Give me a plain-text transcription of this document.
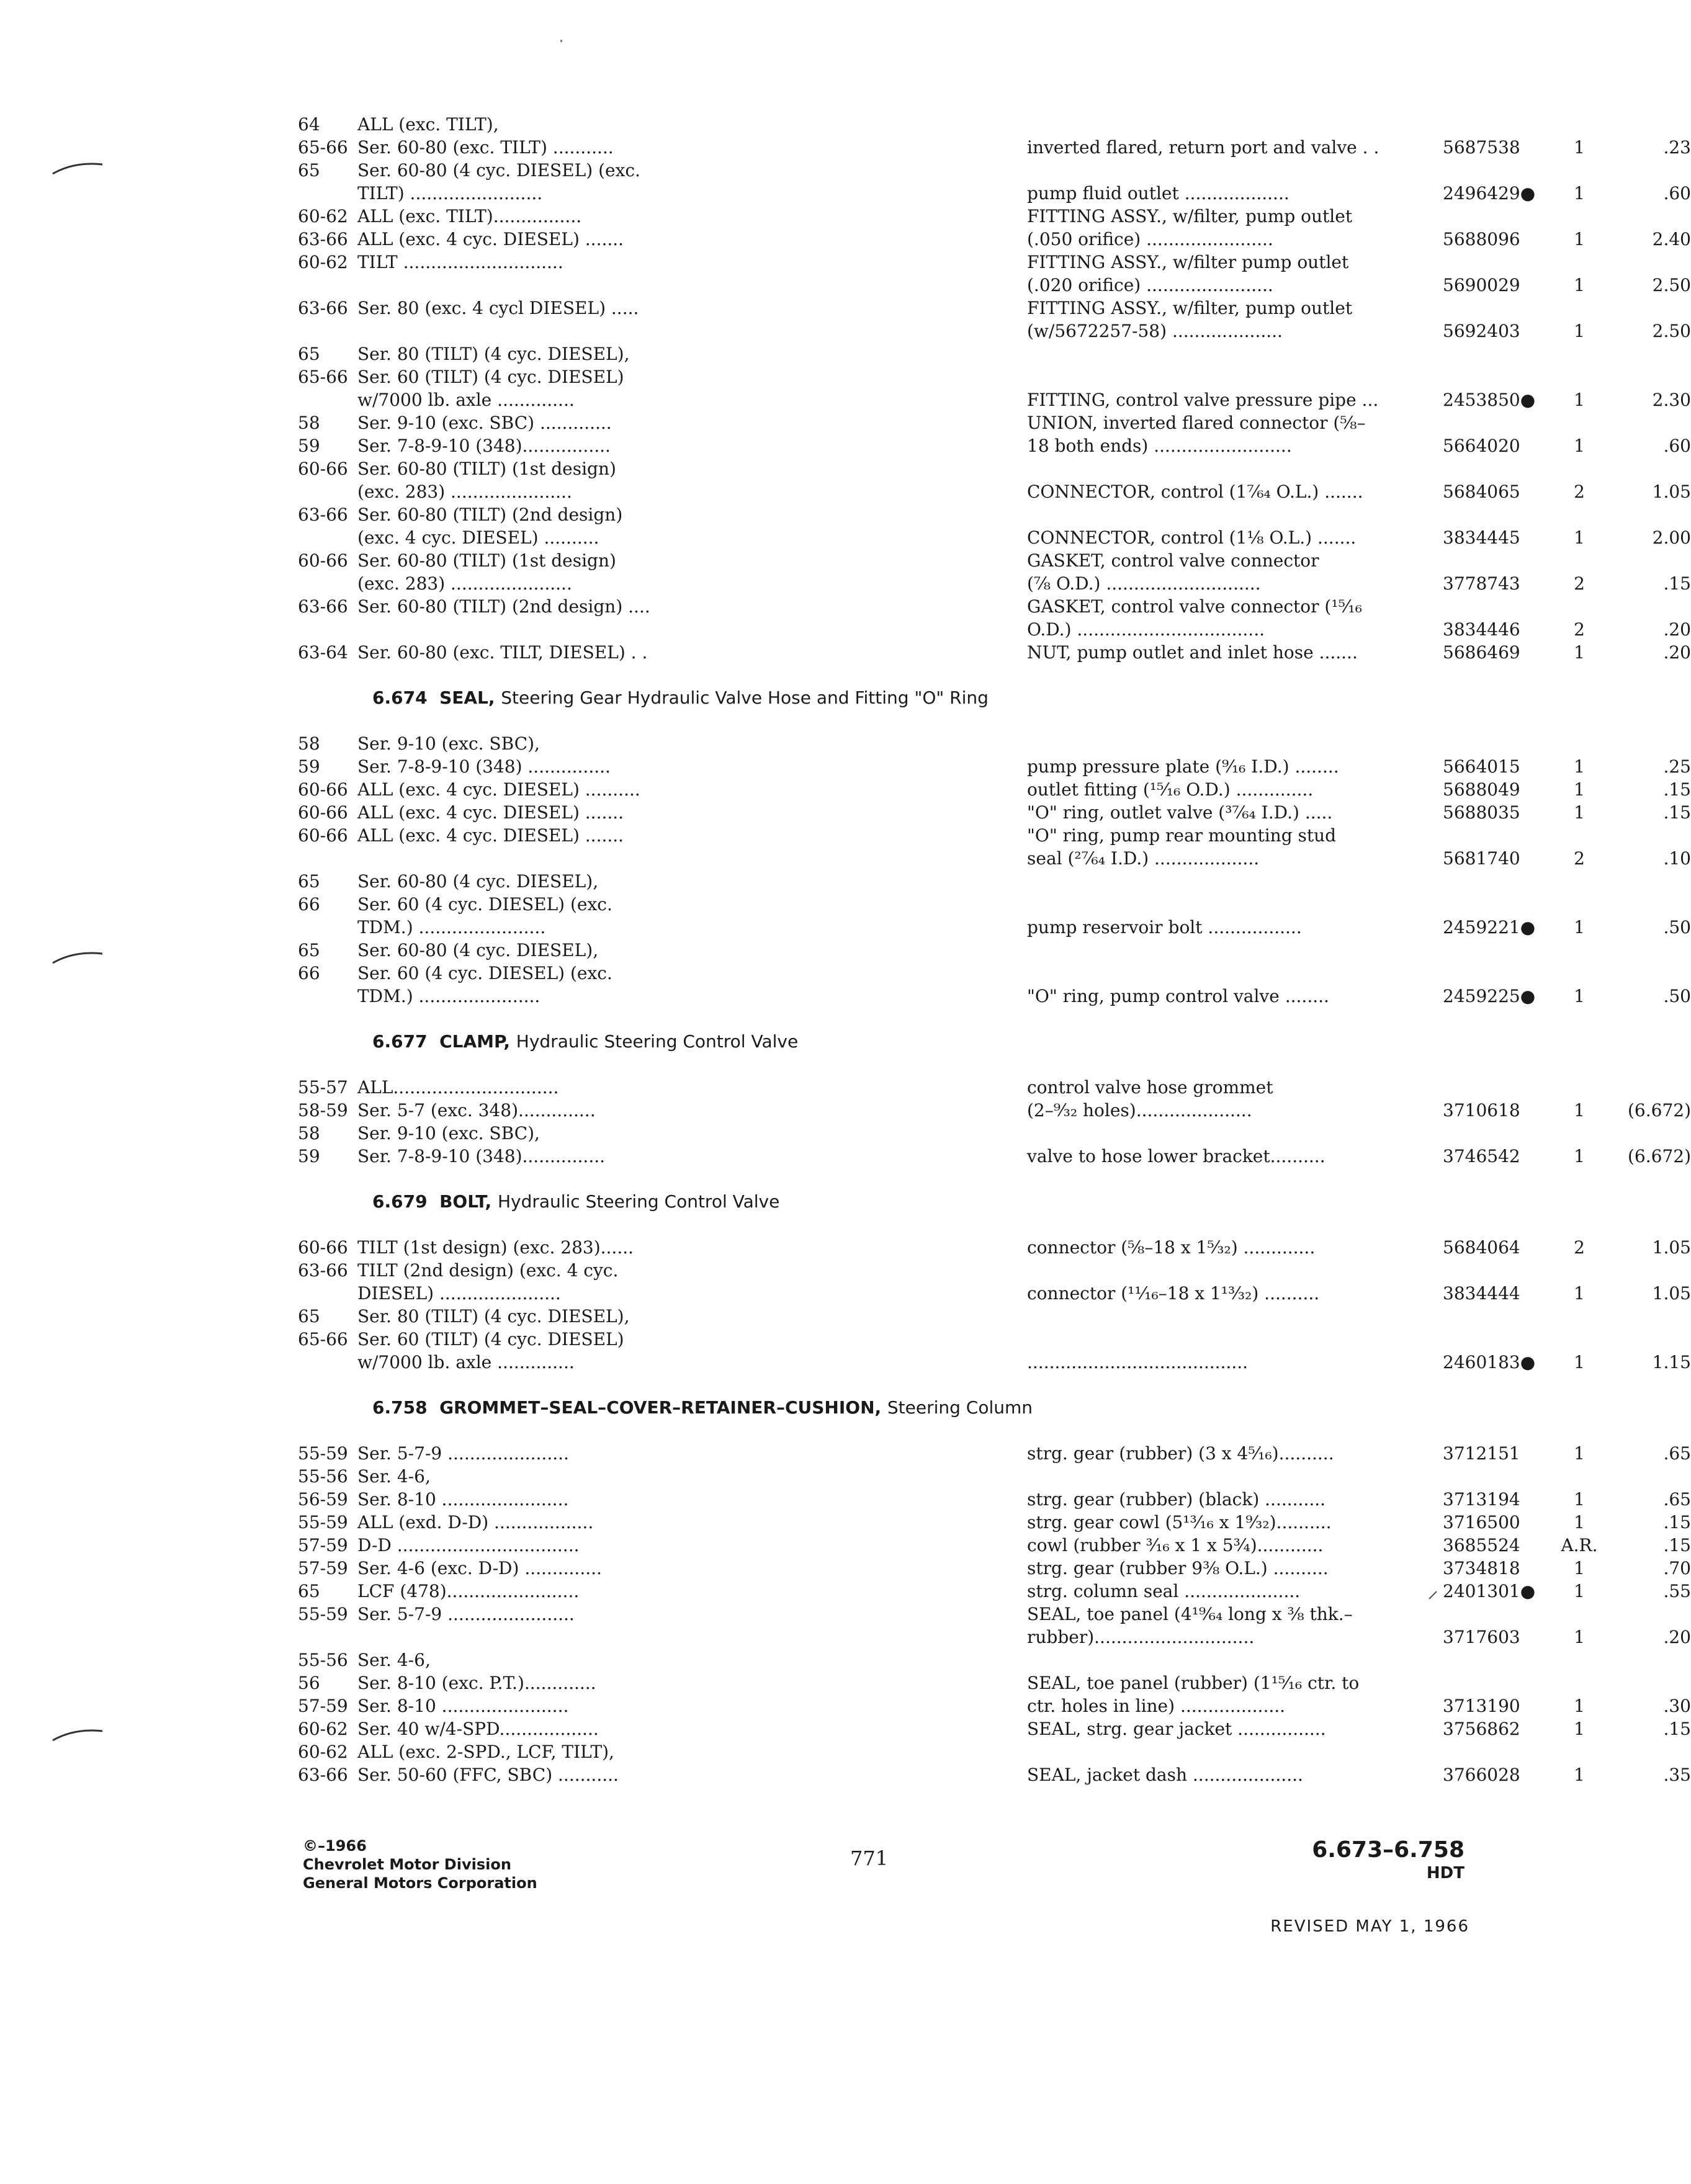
64	ALL (exc. TILT),
65-66 Ser. 60-80 (exc. TILT) ...........	inverted flared, return port and valve . .	5687538	1	.23
65	Ser. 60-80 (4 cyc. DIESEL) (exc.
TILT) ........................	pump fluid outlet ...................	2496429●	1	.60
60-62 ALL (exc. TILT)................	FITTING ASSY., w/filter, pump outlet
63-66 ALL (exc. 4 cyc. DIESEL) .......	(.050 orifice) .......................	5688096	1	2.40
60-62 TILT .............................	FITTING ASSY., w/filter pump outlet
(.020 orifice) .......................	5690029	1	2.50
63-66 Ser. 80 (exc. 4 cycl DIESEL) .....	FITTING ASSY., w/filter, pump outlet
(w/5672257-58) ....................	5692403	1	2.50
65	Ser. 80 (TILT) (4 cyc. DIESEL),
65-66 Ser. 60 (TILT) (4 cyc. DIESEL)
w/7000 lb. axle ..............	FITTING, control valve pressure pipe ...	2453850●	1	2.30
58	Ser. 9-10 (exc. SBC) .............	UNION, inverted flared connector (⅝–
59	Ser. 7-8-9-10 (348)................	18 both ends) .........................	5664020	1	.60
60-66 Ser. 60-80 (TILT) (1st design)
(exc. 283) ......................	CONNECTOR, control (1⁷⁄₆₄ O.L.) .......	5684065	2	1.05
63-66 Ser. 60-80 (TILT) (2nd design)
(exc. 4 cyc. DIESEL) ..........	CONNECTOR, control (1⅛ O.L.) .......	3834445	1	2.00
60-66 Ser. 60-80 (TILT) (1st design)	GASKET, control valve connector
(exc. 283) ......................	(⅞ O.D.) ............................	3778743	2	.15
63-66 Ser. 60-80 (TILT) (2nd design) ....	GASKET, control valve connector (¹⁵⁄₁₆
O.D.) ..................................	3834446	2	.20
63-64 Ser. 60-80 (exc. TILT, DIESEL) . .	NUT, pump outlet and inlet hose .......	5686469	1	.20
6.674 SEAL, Steering Gear Hydraulic Valve Hose and Fitting "O" Ring
58	Ser. 9-10 (exc. SBC),
59	Ser. 7-8-9-10 (348) ...............	pump pressure plate (⁹⁄₁₆ I.D.) ........	5664015	1	.25
60-66 ALL (exc. 4 cyc. DIESEL) ..........	outlet fitting (¹⁵⁄₁₆ O.D.) ..............	5688049	1	.15
60-66 ALL (exc. 4 cyc. DIESEL) .......	"O" ring, outlet valve (³⁷⁄₆₄ I.D.) .....	5688035	1	.15
60-66 ALL (exc. 4 cyc. DIESEL) .......	"O" ring, pump rear mounting stud
seal (²⁷⁄₆₄ I.D.) ...................	5681740	2	.10
65	Ser. 60-80 (4 cyc. DIESEL),
66	Ser. 60 (4 cyc. DIESEL) (exc.
TDM.) .......................	pump reservoir bolt .................	2459221●	1	.50
65	Ser. 60-80 (4 cyc. DIESEL),
66	Ser. 60 (4 cyc. DIESEL) (exc.
TDM.) ......................	"O" ring, pump control valve ........	2459225●	1	.50
6.677 CLAMP, Hydraulic Steering Control Valve
55-57 ALL..............................	control valve hose grommet
58-59 Ser. 5-7 (exc. 348)..............	(2–⁹⁄₃₂ holes).....................	3710618	1	(6.672)
58	Ser. 9-10 (exc. SBC),
59	Ser. 7-8-9-10 (348)...............	valve to hose lower bracket..........	3746542	1	(6.672)
6.679 BOLT, Hydraulic Steering Control Valve
60-66 TILT (1st design) (exc. 283)......	connector (⅝–18 x 1⁵⁄₃₂) .............	5684064	2	1.05
63-66 TILT (2nd design) (exc. 4 cyc.
DIESEL) ......................	connector (¹¹⁄₁₆–18 x 1¹³⁄₃₂) ..........	3834444	1	1.05
65	Ser. 80 (TILT) (4 cyc. DIESEL),
65-66 Ser. 60 (TILT) (4 cyc. DIESEL)
w/7000 lb. axle ..............	........................................	2460183●	1	1.15
6.758 GROMMET–SEAL–COVER–RETAINER–CUSHION, Steering Column
55-59 Ser. 5-7-9 ......................	strg. gear (rubber) (3 x 4⁵⁄₁₆)..........	3712151	1	.65
55-56 Ser. 4-6,
56-59 Ser. 8-10 .......................	strg. gear (rubber) (black) ...........	3713194	1	.65
55-59 ALL (exd. D-D) ..................	strg. gear cowl (5¹³⁄₁₆ x 1⁹⁄₃₂)..........	3716500	1	.15
57-59 D-D .................................	cowl (rubber ³⁄₁₆ x 1 x 5³⁄₄)............	3685524	A.R.	.15
57-59 Ser. 4-6 (exc. D-D) ..............	strg. gear (rubber 9⅜ O.L.) ..........	3734818	1	.70
65	LCF (478)........................	strg. column seal .....................	2401301●	1	.55
55-59 Ser. 5-7-9 .......................	SEAL, toe panel (4¹⁹⁄₆₄ long x ⅜ thk.–
rubber).............................	3717603	1	.20
55-56 Ser. 4-6,
56	Ser. 8-10 (exc. P.T.).............	SEAL, toe panel (rubber) (1¹⁵⁄₁₆ ctr. to
57-59 Ser. 8-10 .......................	ctr. holes in line) ...................	3713190	1	.30
60-62 Ser. 40 w/4-SPD..................	SEAL, strg. gear jacket ................	3756862	1	.15
60-62 ALL (exc. 2-SPD., LCF, TILT),
63-66 Ser. 50-60 (FFC, SBC) ...........	SEAL, jacket dash ....................	3766028	1	.35
©–1966
Chevrolet Motor Division
General Motors Corporation
771	6.673–6.758
HDT
REVISED MAY 1, 1966
